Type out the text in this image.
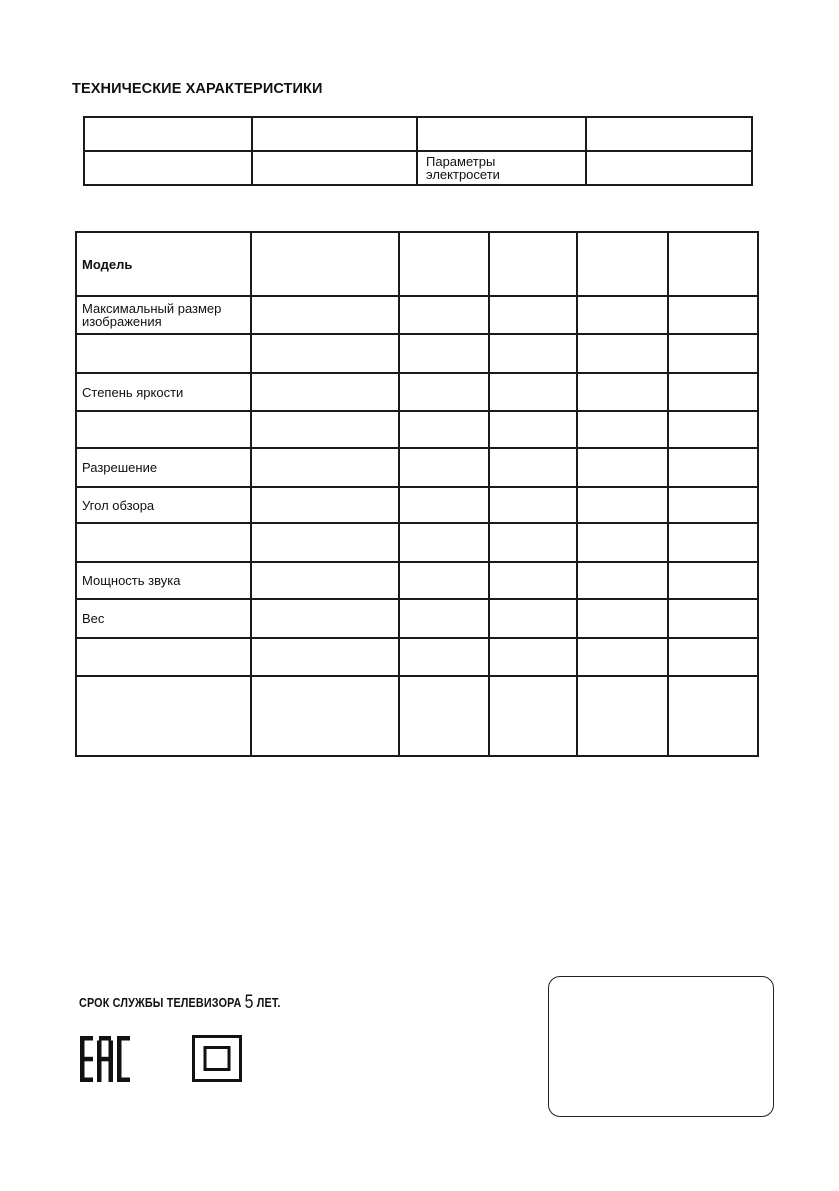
ТЕХНИЧЕСКИЕ ХАРАКТЕРИСТИКИ

		Параметры
электросети	
Модель					
Максимальный размер
изображения					

Степень яркости					

Разрешение					
Угол обзора					

Мощность звука					
Вес					

СРОК СЛУЖБЫ ТЕЛЕВИЗОРА 5 ЛЕТ.
